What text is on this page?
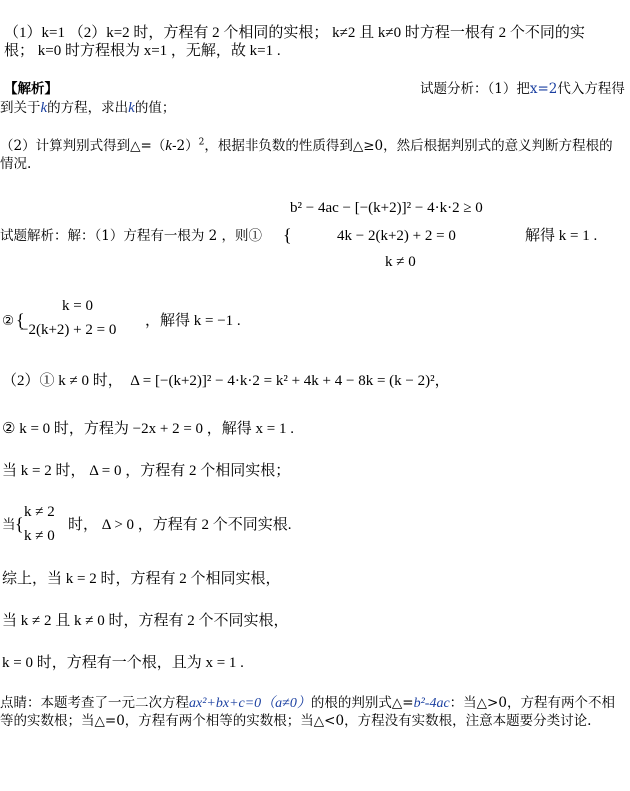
（1）k=1 （2）k=2 时，方程有 2 个相同的实根； k≠2 且 k≠0 时方程一根有 2 个不同的实
根； k=0 时方程根为 x=1 ，无解，故 k=1 .
【解析】	试题分析：（1）把x=2代入方程得
到关于k的方程，求出k的值；
（2）计算判别式得到$\triangle=(k-2)^2$，根据非负数的性质得到△≥0，然后根据判别式的意义判断方程根的
情况.
b² − 4ac − [−(k+2)]² − 4·k·2 ≥ 0
试题解析：解：（1）方程有一根为 2 ，则① {	4k − 2(k+2) + 2 = 0
k ≠ 0
解得 k = 1 .
k = 0
② {
−2(k+2) + 2 = 0
，解得 k = −1 .
（2）① k ≠ 0 时， Δ = [−(k+2)]² − 4·k·2 = k² + 4k + 4 − 8k = (k − 2)²，
② k = 0 时，方程为 −2x + 2 = 0 ，解得 x = 1 .
当 k = 2 时， Δ = 0 ，方程有 2 个相同实根；
k ≠ 2
当 {
k ≠ 0
时， Δ > 0 ，方程有 2 个不同实根.
综上，当 k = 2 时，方程有 2 个相同实根，
当 k ≠ 2 且 k ≠ 0 时，方程有 2 个不同实根，
k = 0 时，方程有一个根，且为 x = 1 .
点睛：本题考查了一元二次方程ax²+bx+c=0（a≠0）的根的判别式△=b²-4ac：当△>0，方程有两个不相
等的实数根；当△=0，方程有两个相等的实数根；当△<0，方程没有实数根，注意本题要分类讨论.
